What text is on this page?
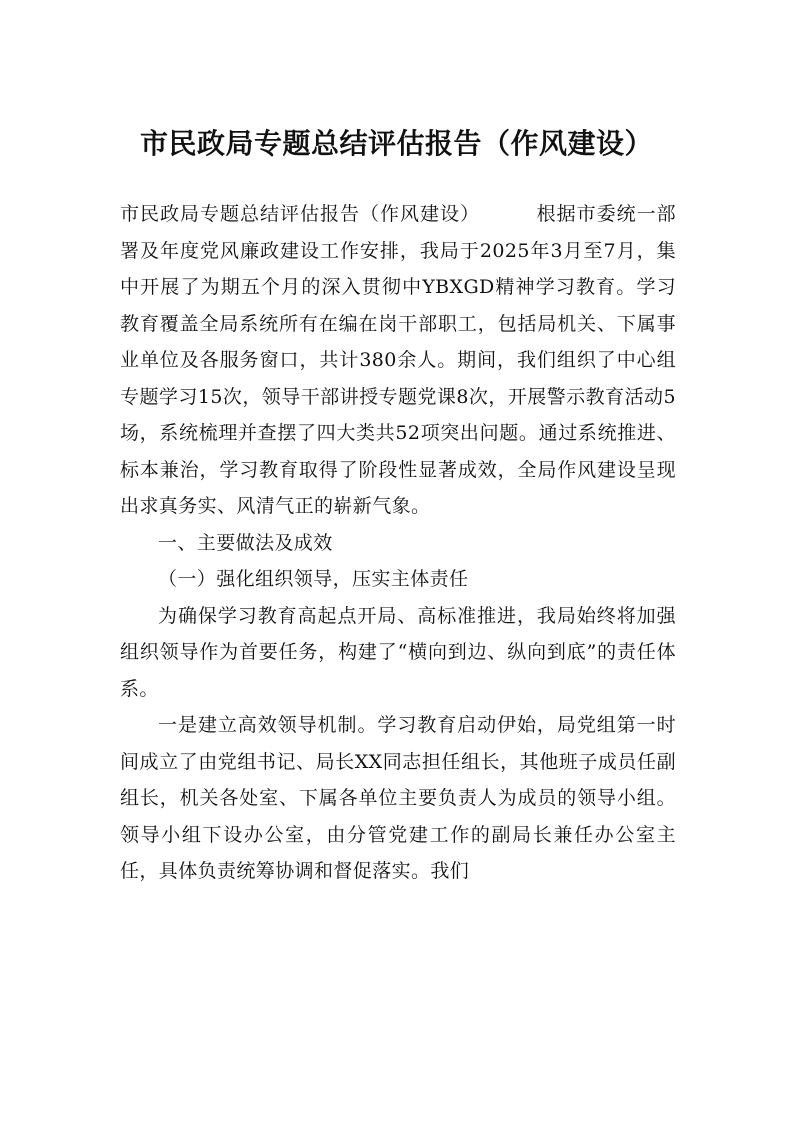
市民政局专题总结评估报告（作风建设）

市民政局专题总结评估报告（作风建设）	根据市委统一部署及年度党风廉政建设工作安排，我局于2025年3月至7月，集中开展了为期五个月的深入贯彻中YBXGD精神学习教育。学习教育覆盖全局系统所有在编在岗干部职工，包括局机关、下属事业单位及各服务窗口，共计380余人。期间，我们组织了中心组专题学习15次，领导干部讲授专题党课8次，开展警示教育活动5场，系统梳理并查摆了四大类共52项突出问题。通过系统推进、标本兼治，学习教育取得了阶段性显著成效，全局作风建设呈现出求真务实、风清气正的崭新气象。

一、主要做法及成效

（一）强化组织领导，压实主体责任

为确保学习教育高起点开局、高标准推进，我局始终将加强组织领导作为首要任务，构建了“横向到边、纵向到底”的责任体系。

一是建立高效领导机制。学习教育启动伊始，局党组第一时间成立了由党组书记、局长XX同志担任组长，其他班子成员任副组长，机关各处室、下属各单位主要负责人为成员的领导小组。领导小组下设办公室，由分管党建工作的副局长兼任办公室主任，具体负责统筹协调和督促落实。我们
